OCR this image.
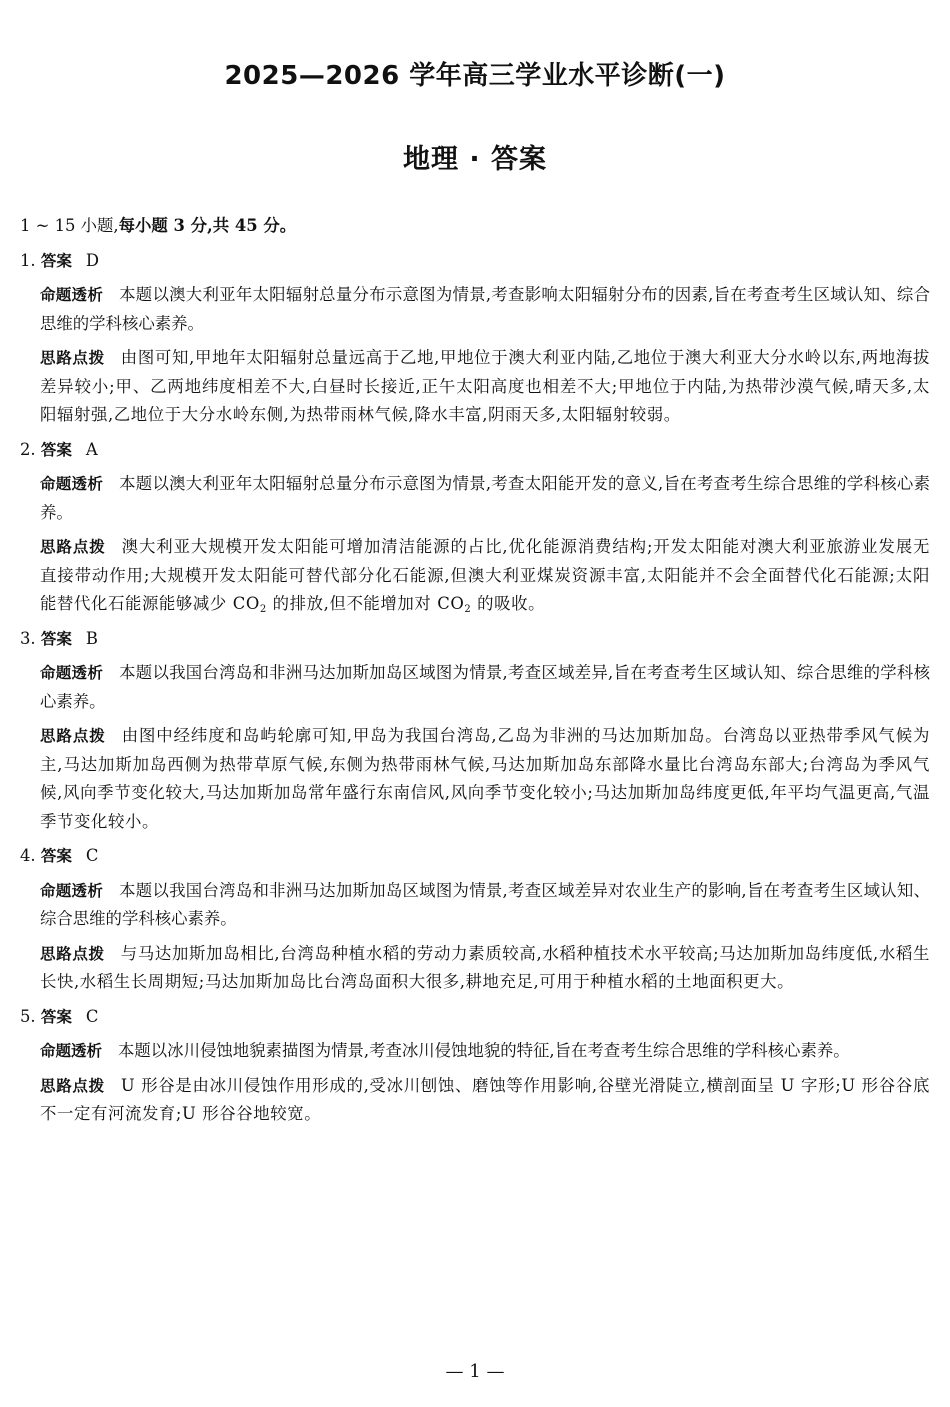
2025—2026 学年高三学业水平诊断(一)
地理 · 答案

1 ~ 15 小题,每小题 3 分,共 45 分。

1. 答案 D

命题透析 本题以澳大利亚年太阳辐射总量分布示意图为情景,考查影响太阳辐射分布的因素,旨在考查考生区域认知、综合思维的学科核心素养。

思路点拨 由图可知,甲地年太阳辐射总量远高于乙地,甲地位于澳大利亚内陆,乙地位于澳大利亚大分水岭以东,两地海拔差异较小;甲、乙两地纬度相差不大,白昼时长接近,正午太阳高度也相差不大;甲地位于内陆,为热带沙漠气候,晴天多,太阳辐射强,乙地位于大分水岭东侧,为热带雨林气候,降水丰富,阴雨天多,太阳辐射较弱。

2. 答案 A

命题透析 本题以澳大利亚年太阳辐射总量分布示意图为情景,考查太阳能开发的意义,旨在考查考生综合思维的学科核心素养。

思路点拨 澳大利亚大规模开发太阳能可增加清洁能源的占比,优化能源消费结构;开发太阳能对澳大利亚旅游业发展无直接带动作用;大规模开发太阳能可替代部分化石能源,但澳大利亚煤炭资源丰富,太阳能并不会全面替代化石能源;太阳能替代化石能源能够减少 $CO_2$ 的排放,但不能增加对 $CO_2$ 的吸收。

3. 答案 B

命题透析 本题以我国台湾岛和非洲马达加斯加岛区域图为情景,考查区域差异,旨在考查考生区域认知、综合思维的学科核心素养。

思路点拨 由图中经纬度和岛屿轮廓可知,甲岛为我国台湾岛,乙岛为非洲的马达加斯加岛。台湾岛以亚热带季风气候为主,马达加斯加岛西侧为热带草原气候,东侧为热带雨林气候,马达加斯加岛东部降水量比台湾岛东部大;台湾岛为季风气候,风向季节变化较大,马达加斯加岛常年盛行东南信风,风向季节变化较小;马达加斯加岛纬度更低,年平均气温更高,气温季节变化较小。

4. 答案 C

命题透析 本题以我国台湾岛和非洲马达加斯加岛区域图为情景,考查区域差异对农业生产的影响,旨在考查考生区域认知、综合思维的学科核心素养。

思路点拨 与马达加斯加岛相比,台湾岛种植水稻的劳动力素质较高,水稻种植技术水平较高;马达加斯加岛纬度低,水稻生长快,水稻生长周期短;马达加斯加岛比台湾岛面积大很多,耕地充足,可用于种植水稻的土地面积更大。

5. 答案 C

命题透析 本题以冰川侵蚀地貌素描图为情景,考查冰川侵蚀地貌的特征,旨在考查考生综合思维的学科核心素养。

思路点拨 U 形谷是由冰川侵蚀作用形成的,受冰川刨蚀、磨蚀等作用影响,谷壁光滑陡立,横剖面呈 U 字形;U 形谷谷底不一定有河流发育;U 形谷谷地较宽。

— 1 —
